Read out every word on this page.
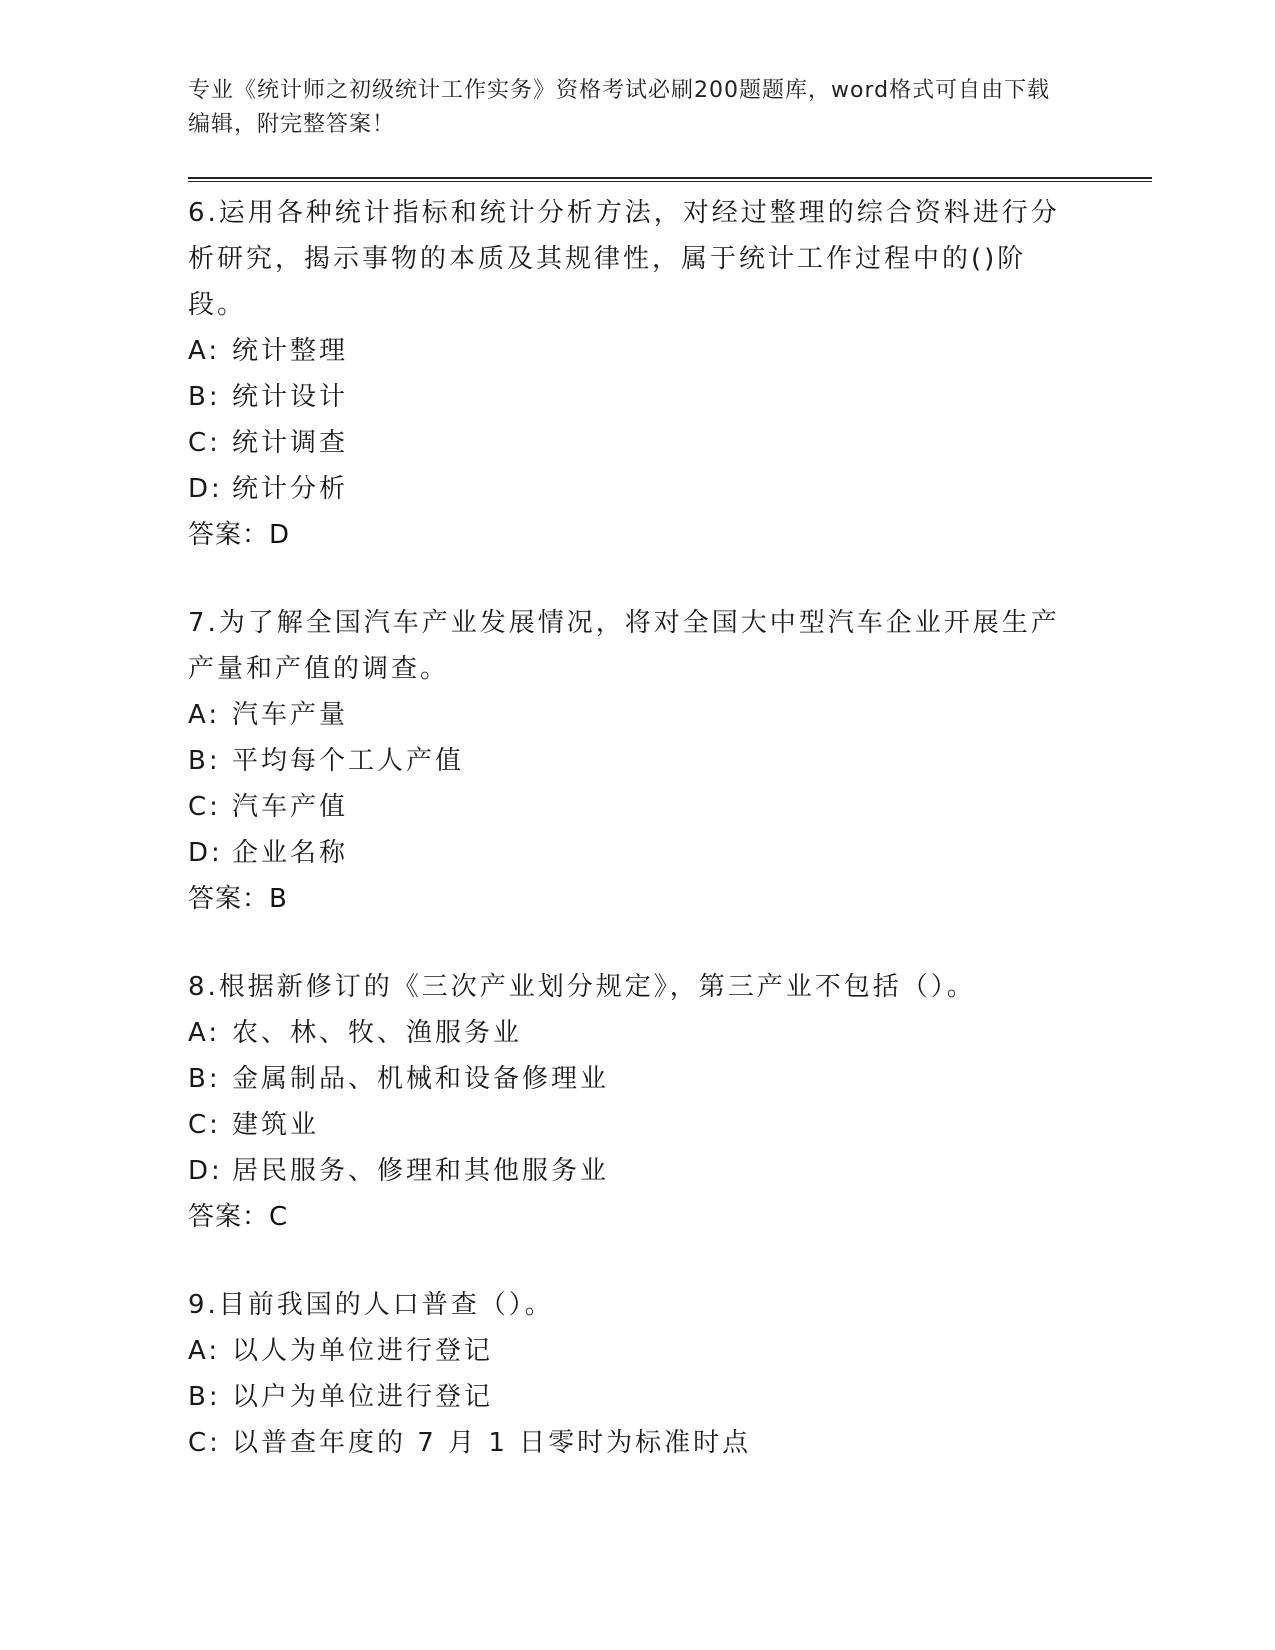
专业《统计师之初级统计工作实务》资格考试必刷200题题库，word格式可自由下载编辑，附完整答案！

6.运用各种统计指标和统计分析方法，对经过整理的综合资料进行分析研究，揭示事物的本质及其规律性，属于统计工作过程中的()阶段。

A: 统计整理

B: 统计设计

C: 统计调查

D: 统计分析

答案：D

7.为了解全国汽车产业发展情况，将对全国大中型汽车企业开展生产产量和产值的调查。

A: 汽车产量

B: 平均每个工人产值

C: 汽车产值

D: 企业名称

答案：B

8.根据新修订的《三次产业划分规定》，第三产业不包括（）。

A: 农、林、牧、渔服务业

B: 金属制品、机械和设备修理业

C: 建筑业

D: 居民服务、修理和其他服务业

答案：C

9.目前我国的人口普查（）。

A: 以人为单位进行登记

B: 以户为单位进行登记

C: 以普查年度的 7 月 1 日零时为标准时点
